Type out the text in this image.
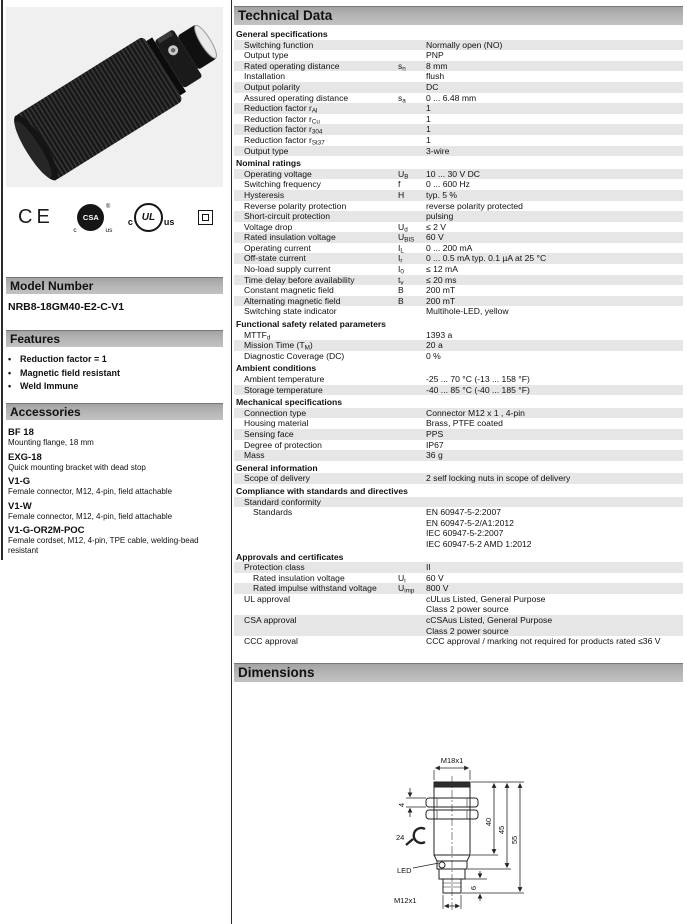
CE	CSA
c	us
®
c UL us
Model Number
NRB8-18GM40-E2-C-V1
Features
• Reduction factor = 1
• Magnetic field resistant
• Weld Immune
Accessories
BF 18
Mounting flange, 18 mm
EXG-18
Quick mounting bracket with dead stop
V1-G
Female connector, M12, 4-pin, field attachable
V1-W
Female connector, M12, 4-pin, field attachable
V1-G-OR2M-POC
Female cordset, M12, 4-pin, TPE cable, welding-bead resistant
Technical Data
General specifications
Switching function	Normally open (NO)
Output type	PNP
Rated operating distance	$s_n$	8 mm
Installation	flush
Output polarity	DC
Assured operating distance	$s_a$	0 ... 6.48 mm
Reduction factor $r_{Al}$	1
Reduction factor $r_{Cu}$	1
Reduction factor $r_{304}$	1
Reduction factor $r_{St37}$	1
Output type	3-wire
Nominal ratings
Operating voltage	$U_B$	10 ... 30 V DC
Switching frequency	f	0 ... 600 Hz
Hysteresis	H	typ. 5 %
Reverse polarity protection	reverse polarity protected
Short-circuit protection	pulsing
Voltage drop	$U_d$	≤ 2 V
Rated insulation voltage	$U_{BIS}$	60 V
Operating current	$I_L$	0 ... 200 mA
Off-state current	$I_r$	0 ... 0.5 mA typ. 0.1 µA at 25 °C
No-load supply current	$I_0$	≤ 12 mA
Time delay before availability	$t_v$	≤ 20 ms
Constant magnetic field	B	200 mT
Alternating magnetic field	B	200 mT
Switching state indicator	Multihole-LED, yellow
Functional safety related parameters
$MTTF_d$	1393 a
Mission Time $(T_M)$	20 a
Diagnostic Coverage (DC)	0 %
Ambient conditions
Ambient temperature	-25 ... 70 °C (-13 ... 158 °F)
Storage temperature	-40 ... 85 °C (-40 ... 185 °F)
Mechanical specifications
Connection type	Connector M12 x 1 , 4-pin
Housing material	Brass, PTFE coated
Sensing face	PPS
Degree of protection	IP67
Mass	36 g
General information
Scope of delivery	2 self locking nuts in scope of delivery
Compliance with standards and directives
Standard conformity
Standards	EN 60947-5-2:2007
EN 60947-5-2/A1:2012
IEC 60947-5-2:2007
IEC 60947-5-2 AMD 1:2012
Approvals and certificates
Protection class	II
Rated insulation voltage	$U_i$	60 V
Rated impulse withstand voltage	$U_{imp}$	800 V
UL approval	cULus Listed, General Purpose
Class 2 power source
CSA approval	cCSAus Listed, General Purpose
Class 2 power source
CCC approval	CCC approval / marking not required for products rated ≤36 V
Dimensions
M18x1
4
24
40
45
55
6
LED
M12x1
